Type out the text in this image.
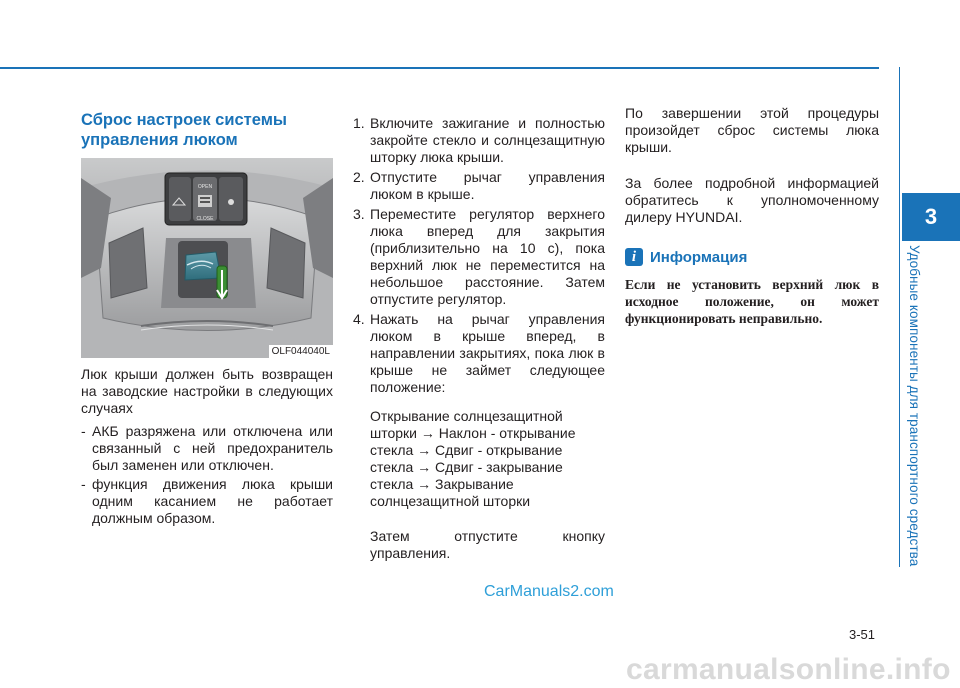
3
Удобные компоненты для транспортного средства
Сброс настроек системы
управления люком
OPEN
CLOSE
OLF044040L

Люк крыши должен быть возвращен на заводские настройки в следующих случаях

- АКБ разряжена или отключена или связанный с ней предохранитель был заменен или отключен.
- функция движения люка крыши одним касанием не работает должным образом.
1. Включите зажигание и полностью закройте стекло и солнцезащитную шторку люка крыши.
2. Отпустите рычаг управления люком в крыше.
3. Переместите регулятор верхнего люка вперед для закрытия (приблизительно на 10 с), пока верхний люк не переместится на небольшое расстояние. Затем отпустите регулятор.
4. Нажать на рычаг управления люком в крыше вперед, в направлении закрытиях, пока люк в крыше не займет следующее положение:

Открывание солнцезащитной шторки → Наклон - открывание стекла → Сдвиг - открывание стекла → Сдвиг - закрывание стекла → Закрывание солнцезащитной шторки

Затем отпустите кнопку управления.

По завершении этой процедуры произойдет сброс системы люка крыши.

За более подробной информацией обратитесь к уполномоченному дилеру HYUNDAI.

i Информация

Если не установить верхний люк в исходное положение, он может функционировать неправильно.

CarManuals2.com
3-51
carmanualsonline.info
